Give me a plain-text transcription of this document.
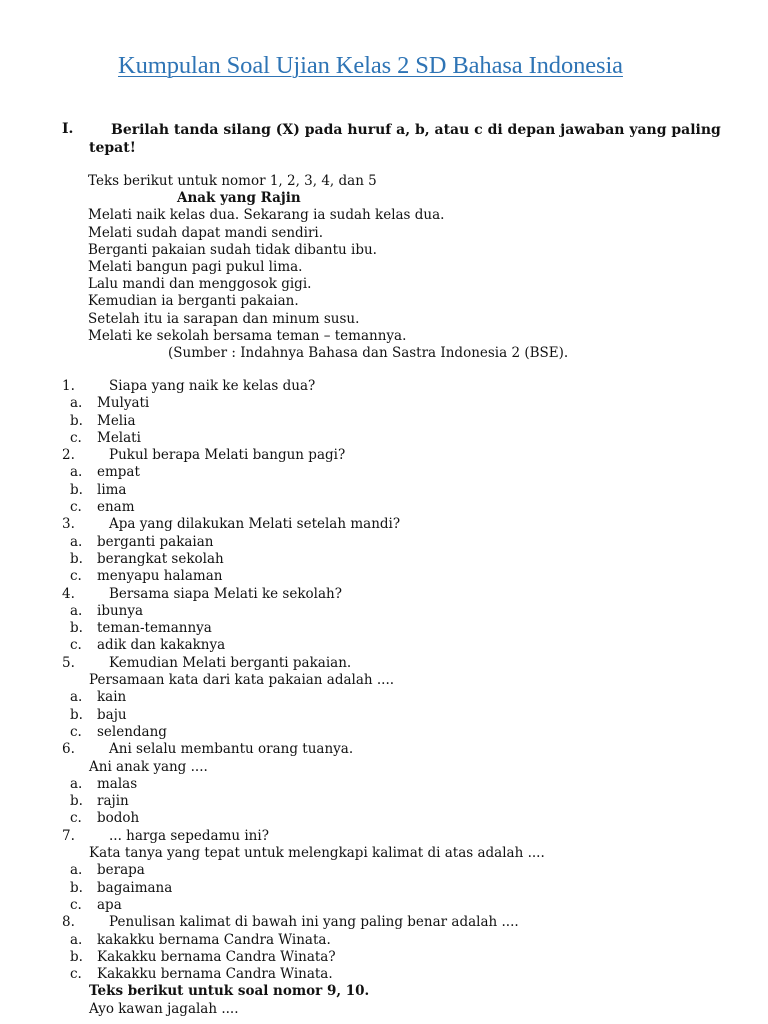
Kumpulan Soal Ujian Kelas 2 SD Bahasa Indonesia
I.	Berilah tanda silang (X) pada huruf a, b, atau c di depan jawaban yang paling tepat!
Teks berikut untuk nomor 1, 2, 3, 4, dan 5
Anak yang Rajin
Melati naik kelas dua. Sekarang ia sudah kelas dua.
Melati sudah dapat mandi sendiri.
Berganti pakaian sudah tidak dibantu ibu.
Melati bangun pagi pukul lima.
Lalu mandi dan menggosok gigi.
Kemudian ia berganti pakaian.
Setelah itu ia sarapan dan minum susu.
Melati ke sekolah bersama teman – temannya.
(Sumber : Indahnya Bahasa dan Sastra Indonesia 2 (BSE).
1.	Siapa yang naik ke kelas dua?
a. Mulyati
b. Melia
c. Melati
2.	Pukul berapa Melati bangun pagi?
a. empat
b. lima
c. enam
3.	Apa yang dilakukan Melati setelah mandi?
a. berganti pakaian
b. berangkat sekolah
c. menyapu halaman
4.	Bersama siapa Melati ke sekolah?
a. ibunya
b. teman-temannya
c. adik dan kakaknya
5.	Kemudian Melati berganti pakaian.
Persamaan kata dari kata pakaian adalah ....
a. kain
b. baju
c. selendang
6.	Ani selalu membantu orang tuanya.
Ani anak yang ....
a. malas
b. rajin
c. bodoh
7.	... harga sepedamu ini?
Kata tanya yang tepat untuk melengkapi kalimat di atas adalah ....
a. berapa
b. bagaimana
c. apa
8.	Penulisan kalimat di bawah ini yang paling benar adalah ....
a. kakakku bernama Candra Winata.
b. Kakakku bernama Candra Winata?
c. Kakakku bernama Candra Winata.
Teks berikut untuk soal nomor 9, 10.
Ayo kawan jagalah ....
